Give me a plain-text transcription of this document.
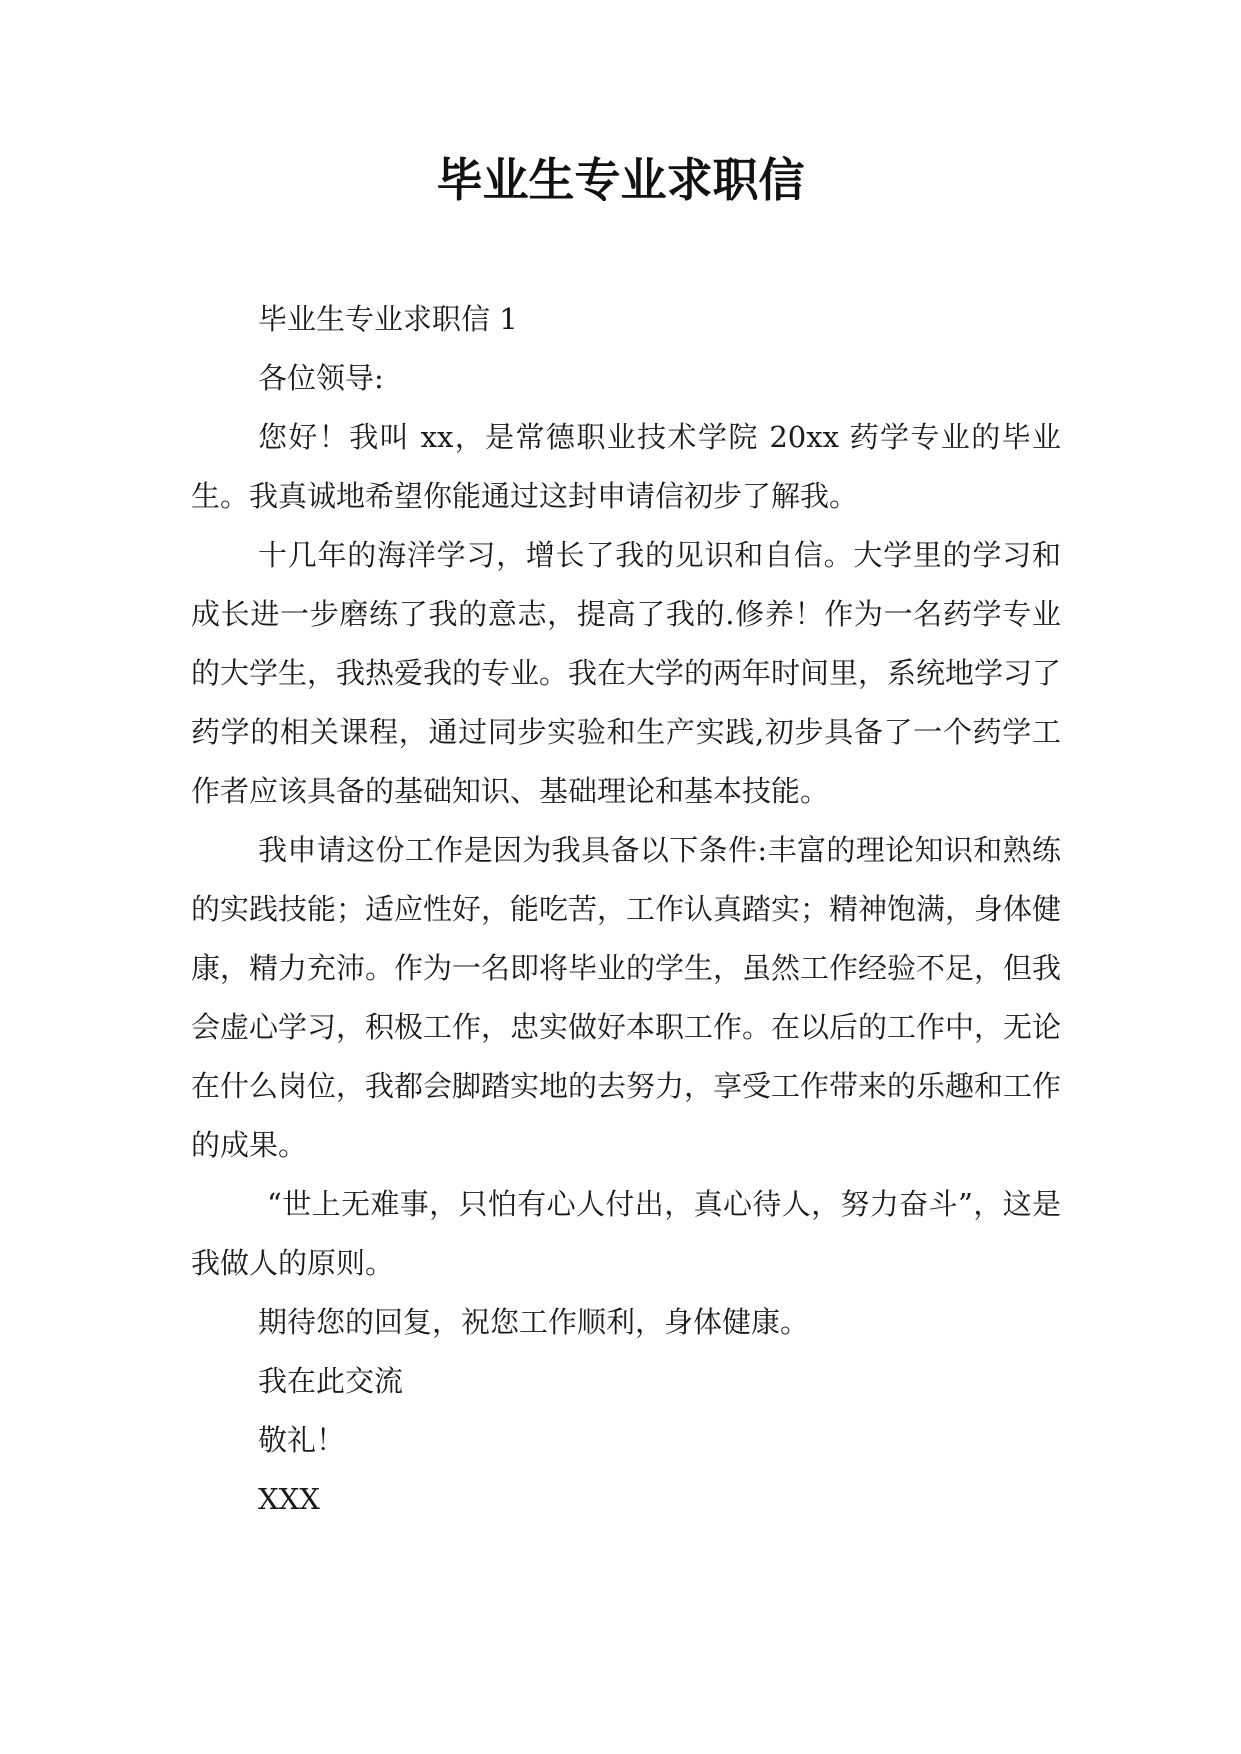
毕业生专业求职信

毕业生专业求职信 1

各位领导:

您好！我叫 xx，是常德职业技术学院 20xx 药学专业的毕业生。我真诚地希望你能通过这封申请信初步了解我。

十几年的海洋学习，增长了我的见识和自信。大学里的学习和成长进一步磨练了我的意志，提高了我的.修养！作为一名药学专业的大学生，我热爱我的专业。我在大学的两年时间里，系统地学习了药学的相关课程，通过同步实验和生产实践,初步具备了一个药学工作者应该具备的基础知识、基础理论和基本技能。

我申请这份工作是因为我具备以下条件:丰富的理论知识和熟练的实践技能；适应性好，能吃苦，工作认真踏实；精神饱满，身体健康，精力充沛。作为一名即将毕业的学生，虽然工作经验不足，但我会虚心学习，积极工作，忠实做好本职工作。在以后的工作中，无论在什么岗位，我都会脚踏实地的去努力，享受工作带来的乐趣和工作的成果。

“世上无难事，只怕有心人付出，真心待人，努力奋斗”，这是我做人的原则。

期待您的回复，祝您工作顺利，身体健康。

我在此交流

敬礼！

XXX
